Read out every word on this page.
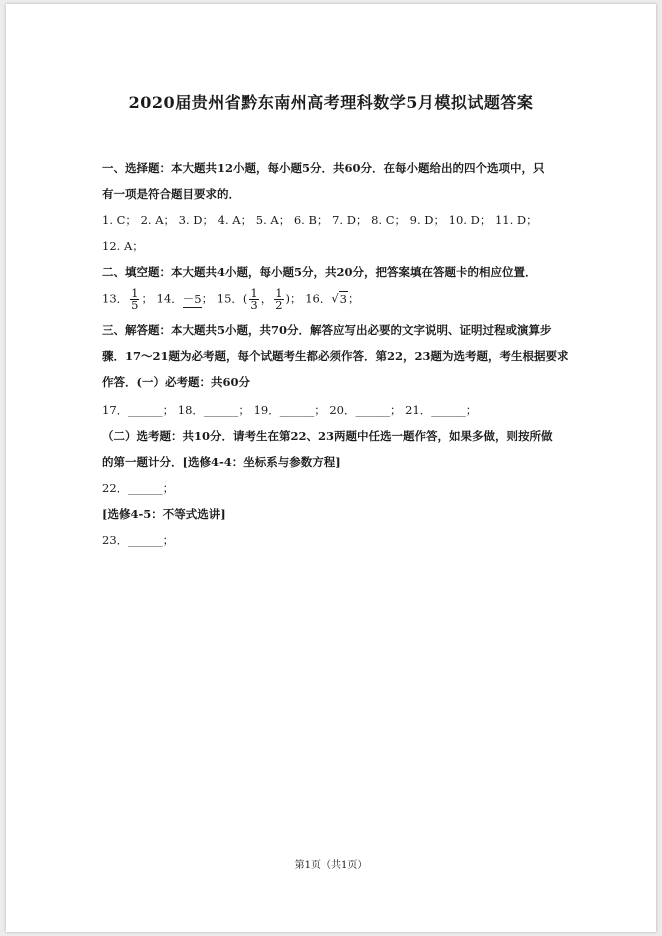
2020届贵州省黔东南州高考理科数学5月模拟试题答案
一、选择题：本大题共12小题，每小题5分．共60分．在每小题给出的四个选项中，只
有一项是符合题目要求的．
1. C； 2. A； 3. D； 4. A； 5. A； 6. B； 7. D； 8. C； 9. D； 10. D； 11. D；
12. A；
二、填空题：本大题共4小题，每小题5分，共20分，把答案填在答题卡的相应位置．
13． $\frac{1}{5}$ ； 14．－5； 15．( $\frac{1}{3}$ ， $\frac{1}{2}$ )； 16．√3；
三、解答题：本大题共5小题，共70分．解答应写出必要的文字说明、证明过程或演算步
骤．17～21题为必考题，每个试题考生都必须作答．第22，23题为选考题，考生根据要求
作答．(一）必考题：共60分
17．______； 18．______； 19．______； 20．______； 21．______；
（二）选考题：共10分．请考生在第22、23两题中任选一题作答，如果多做，则按所做
的第一题计分．[选修4-4：坐标系与参数方程]
22．______；
[选修4-5：不等式选讲]
23．______；
第1页（共1页）
